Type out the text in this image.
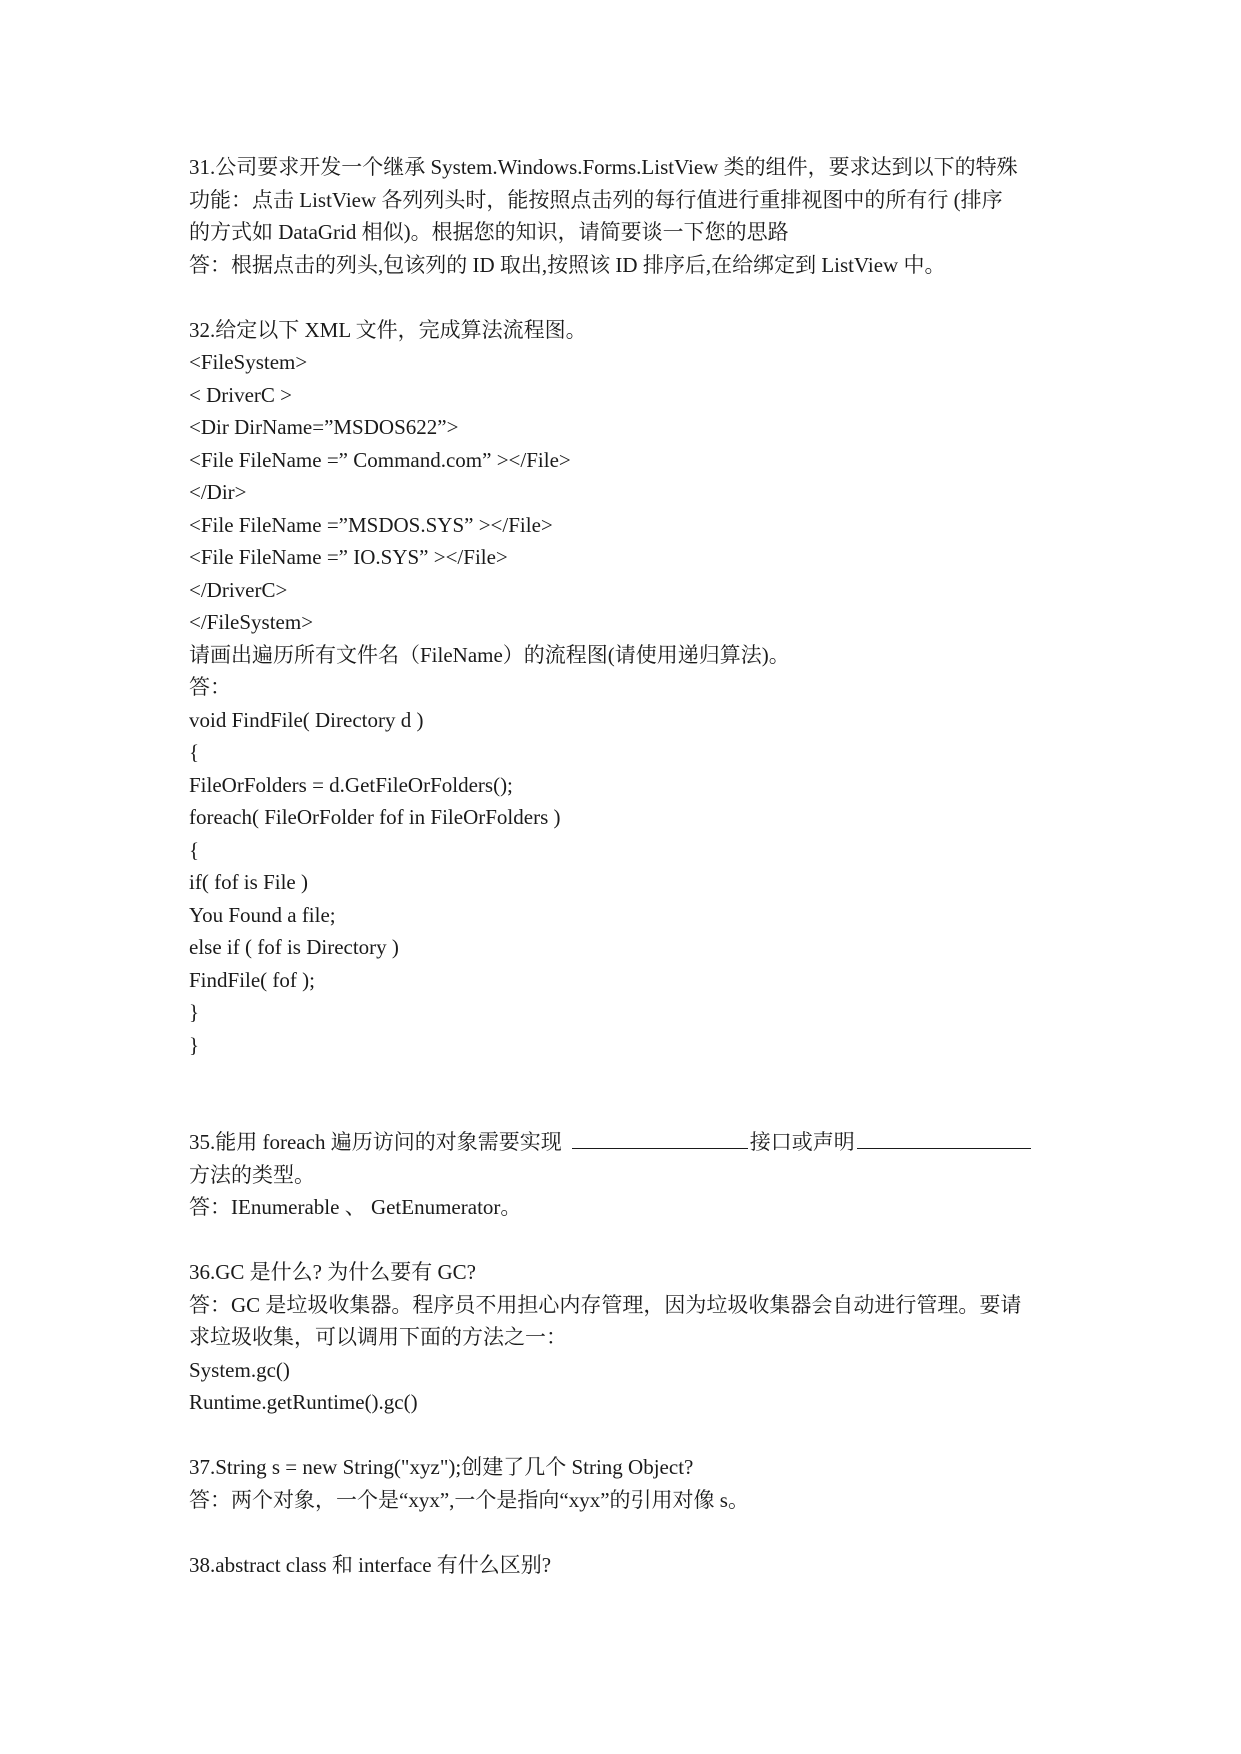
31.公司要求开发一个继承 System.Windows.Forms.ListView 类的组件，要求达到以下的特殊
功能：点击 ListView 各列列头时，能按照点击列的每行值进行重排视图中的所有行 (排序
的方式如 DataGrid 相似)。根据您的知识，请简要谈一下您的思路
答：根据点击的列头,包该列的 ID 取出,按照该 ID 排序后,在给绑定到 ListView 中。
32.给定以下 XML 文件，完成算法流程图。
<FileSystem>
< DriverC >
<Dir DirName=”MSDOS622”>
<File FileName =” Command.com” ></File>
</Dir>
<File FileName =”MSDOS.SYS” ></File>
<File FileName =” IO.SYS” ></File>
</DriverC>
</FileSystem>
请画出遍历所有文件名（FileName）的流程图(请使用递归算法)。
答：
void FindFile( Directory d )
{
FileOrFolders = d.GetFileOrFolders();
foreach( FileOrFolder fof in FileOrFolders )
{
if( fof is File )
You Found a file;
else if ( fof is Directory )
FindFile( fof );
}
}
35.能用 foreach 遍历访问的对象需要实现	接口或声明
方法的类型。
答：IEnumerable 、 GetEnumerator。
36.GC 是什么? 为什么要有 GC?
答：GC 是垃圾收集器。程序员不用担心内存管理，因为垃圾收集器会自动进行管理。要请
求垃圾收集，可以调用下面的方法之一：
System.gc()
Runtime.getRuntime().gc()
37.String s = new String("xyz");创建了几个 String Object?
答：两个对象，一个是“xyx”,一个是指向“xyx”的引用对像 s。
38.abstract class 和 interface 有什么区别?
